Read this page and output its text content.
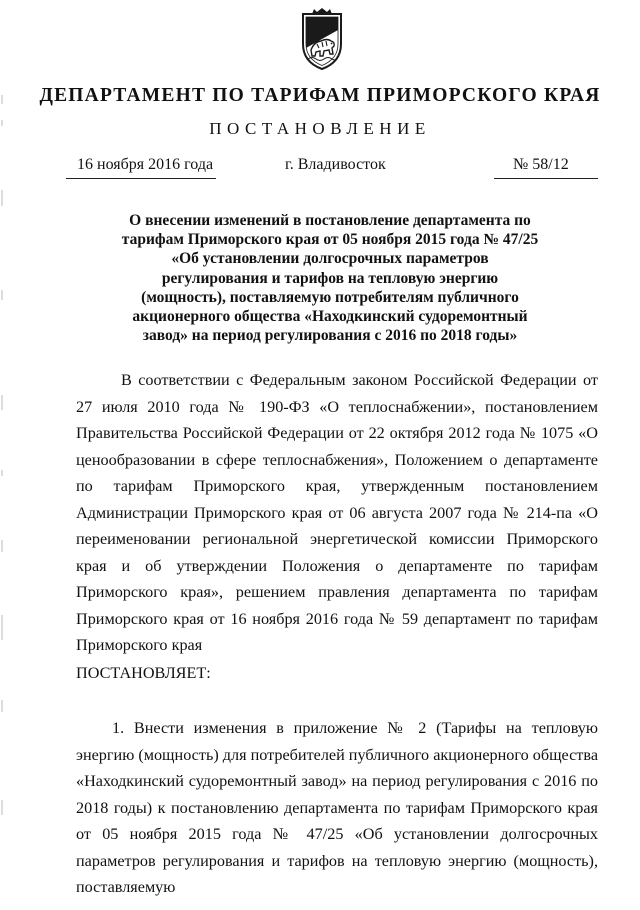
ДЕПАРТАМЕНТ ПО ТАРИФАМ ПРИМОРСКОГО КРАЯ
ПОСТАНОВЛЕНИЕ
16 ноября 2016 года	г. Владивосток	№ 58/12
О внесении изменений в постановление департамента по тарифам Приморского края от 05 ноября 2015 года № 47/25 «Об установлении долгосрочных параметров регулирования и тарифов на тепловую энергию (мощность), поставляемую потребителям публичного акционерного общества «Находкинский судоремонтный завод» на период регулирования с 2016 по 2018 годы»
В соответствии с Федеральным законом Российской Федерации от 27 июля 2010 года № 190-ФЗ «О теплоснабжении», постановлением Правительства Российской Федерации от 22 октября 2012 года № 1075 «О ценообразовании в сфере теплоснабжения», Положением о департаменте по тарифам Приморского края, утвержденным постановлением Администрации Приморского края от 06 августа 2007 года № 214-па «О переименовании региональной энергетической комиссии Приморского края и об утверждении Положения о департаменте по тарифам Приморского края», решением правления департамента по тарифам Приморского края от 16 ноября 2016 года № 59 департамент по тарифам Приморского края
ПОСТАНОВЛЯЕТ:
1. Внести изменения в приложение № 2 (Тарифы на тепловую энергию (мощность) для потребителей публичного акционерного общества «Находкинский судоремонтный завод» на период регулирования с 2016 по 2018 годы) к постановлению департамента по тарифам Приморского края от 05 ноября 2015 года № 47/25 «Об установлении долгосрочных параметров регулирования и тарифов на тепловую энергию (мощность), поставляемую
